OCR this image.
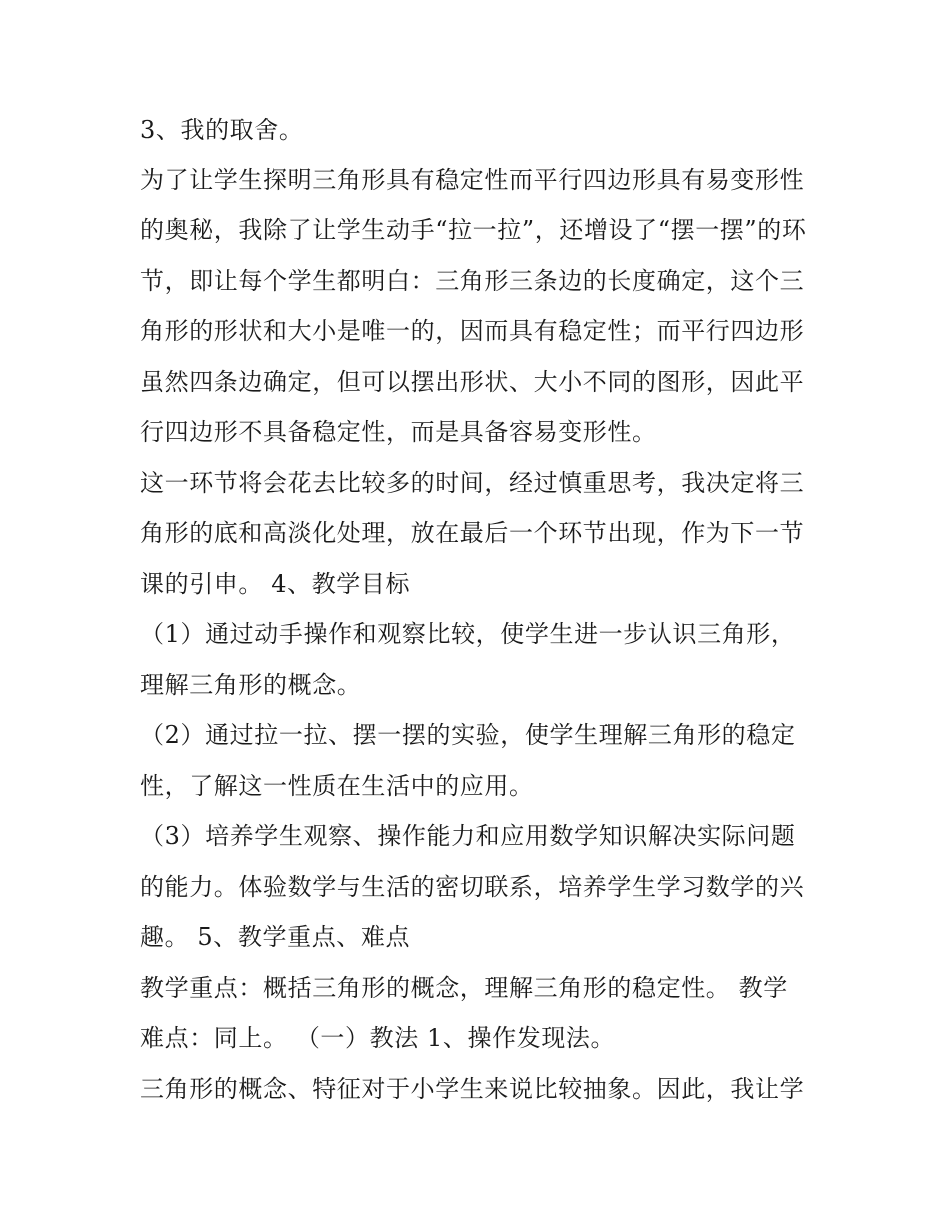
3、我的取舍。
为了让学生探明三角形具有稳定性而平行四边形具有易变形性
的奥秘，我除了让学生动手“拉一拉”，还增设了“摆一摆”的环
节，即让每个学生都明白：三角形三条边的长度确定，这个三
角形的形状和大小是唯一的，因而具有稳定性；而平行四边形
虽然四条边确定，但可以摆出形状、大小不同的图形，因此平
行四边形不具备稳定性，而是具备容易变形性。
这一环节将会花去比较多的时间，经过慎重思考，我决定将三
角形的底和高淡化处理，放在最后一个环节出现，作为下一节
课的引申。 4、教学目标
（1）通过动手操作和观察比较，使学生进一步认识三角形，
理解三角形的概念。
（2）通过拉一拉、摆一摆的实验，使学生理解三角形的稳定
性，了解这一性质在生活中的应用。
（3）培养学生观察、操作能力和应用数学知识解决实际问题
的能力。体验数学与生活的密切联系，培养学生学习数学的兴
趣。 5、教学重点、难点
教学重点：概括三角形的概念，理解三角形的稳定性。 教学
难点：同上。 （一）教法 1、操作发现法。
三角形的概念、特征对于小学生来说比较抽象。因此，我让学
